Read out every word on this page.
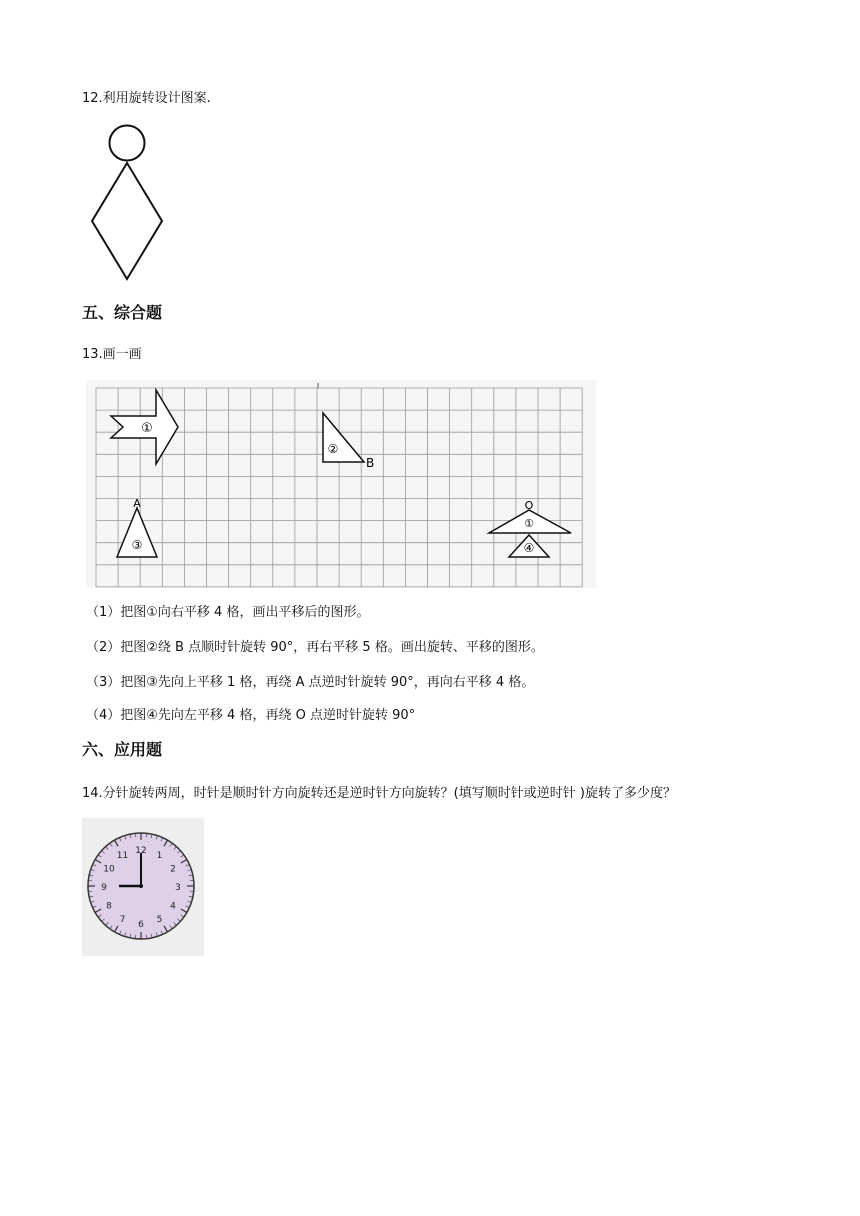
12.利用旋转设计图案.
五、综合题
13.画一画
①
②
B
A
③
O
①
④
（1）把图①向右平移 4 格，画出平移后的图形。
（2）把图②绕 B 点顺时针旋转 90°，再右平移 5 格。画出旋转、平移的图形。
（3）把图③先向上平移 1 格，再绕 A 点逆时针旋转 90°，再向右平移 4 格。
（4）把图④先向左平移 4 格，再绕 O 点逆时针旋转 90°
六、应用题
14.分针旋转两周，时针是顺时针方向旋转还是逆时针方向旋转？(填写顺时针或逆时针 )旋转了多少度？
12 1
2
3
4
5
6
7
8
9
10
11
